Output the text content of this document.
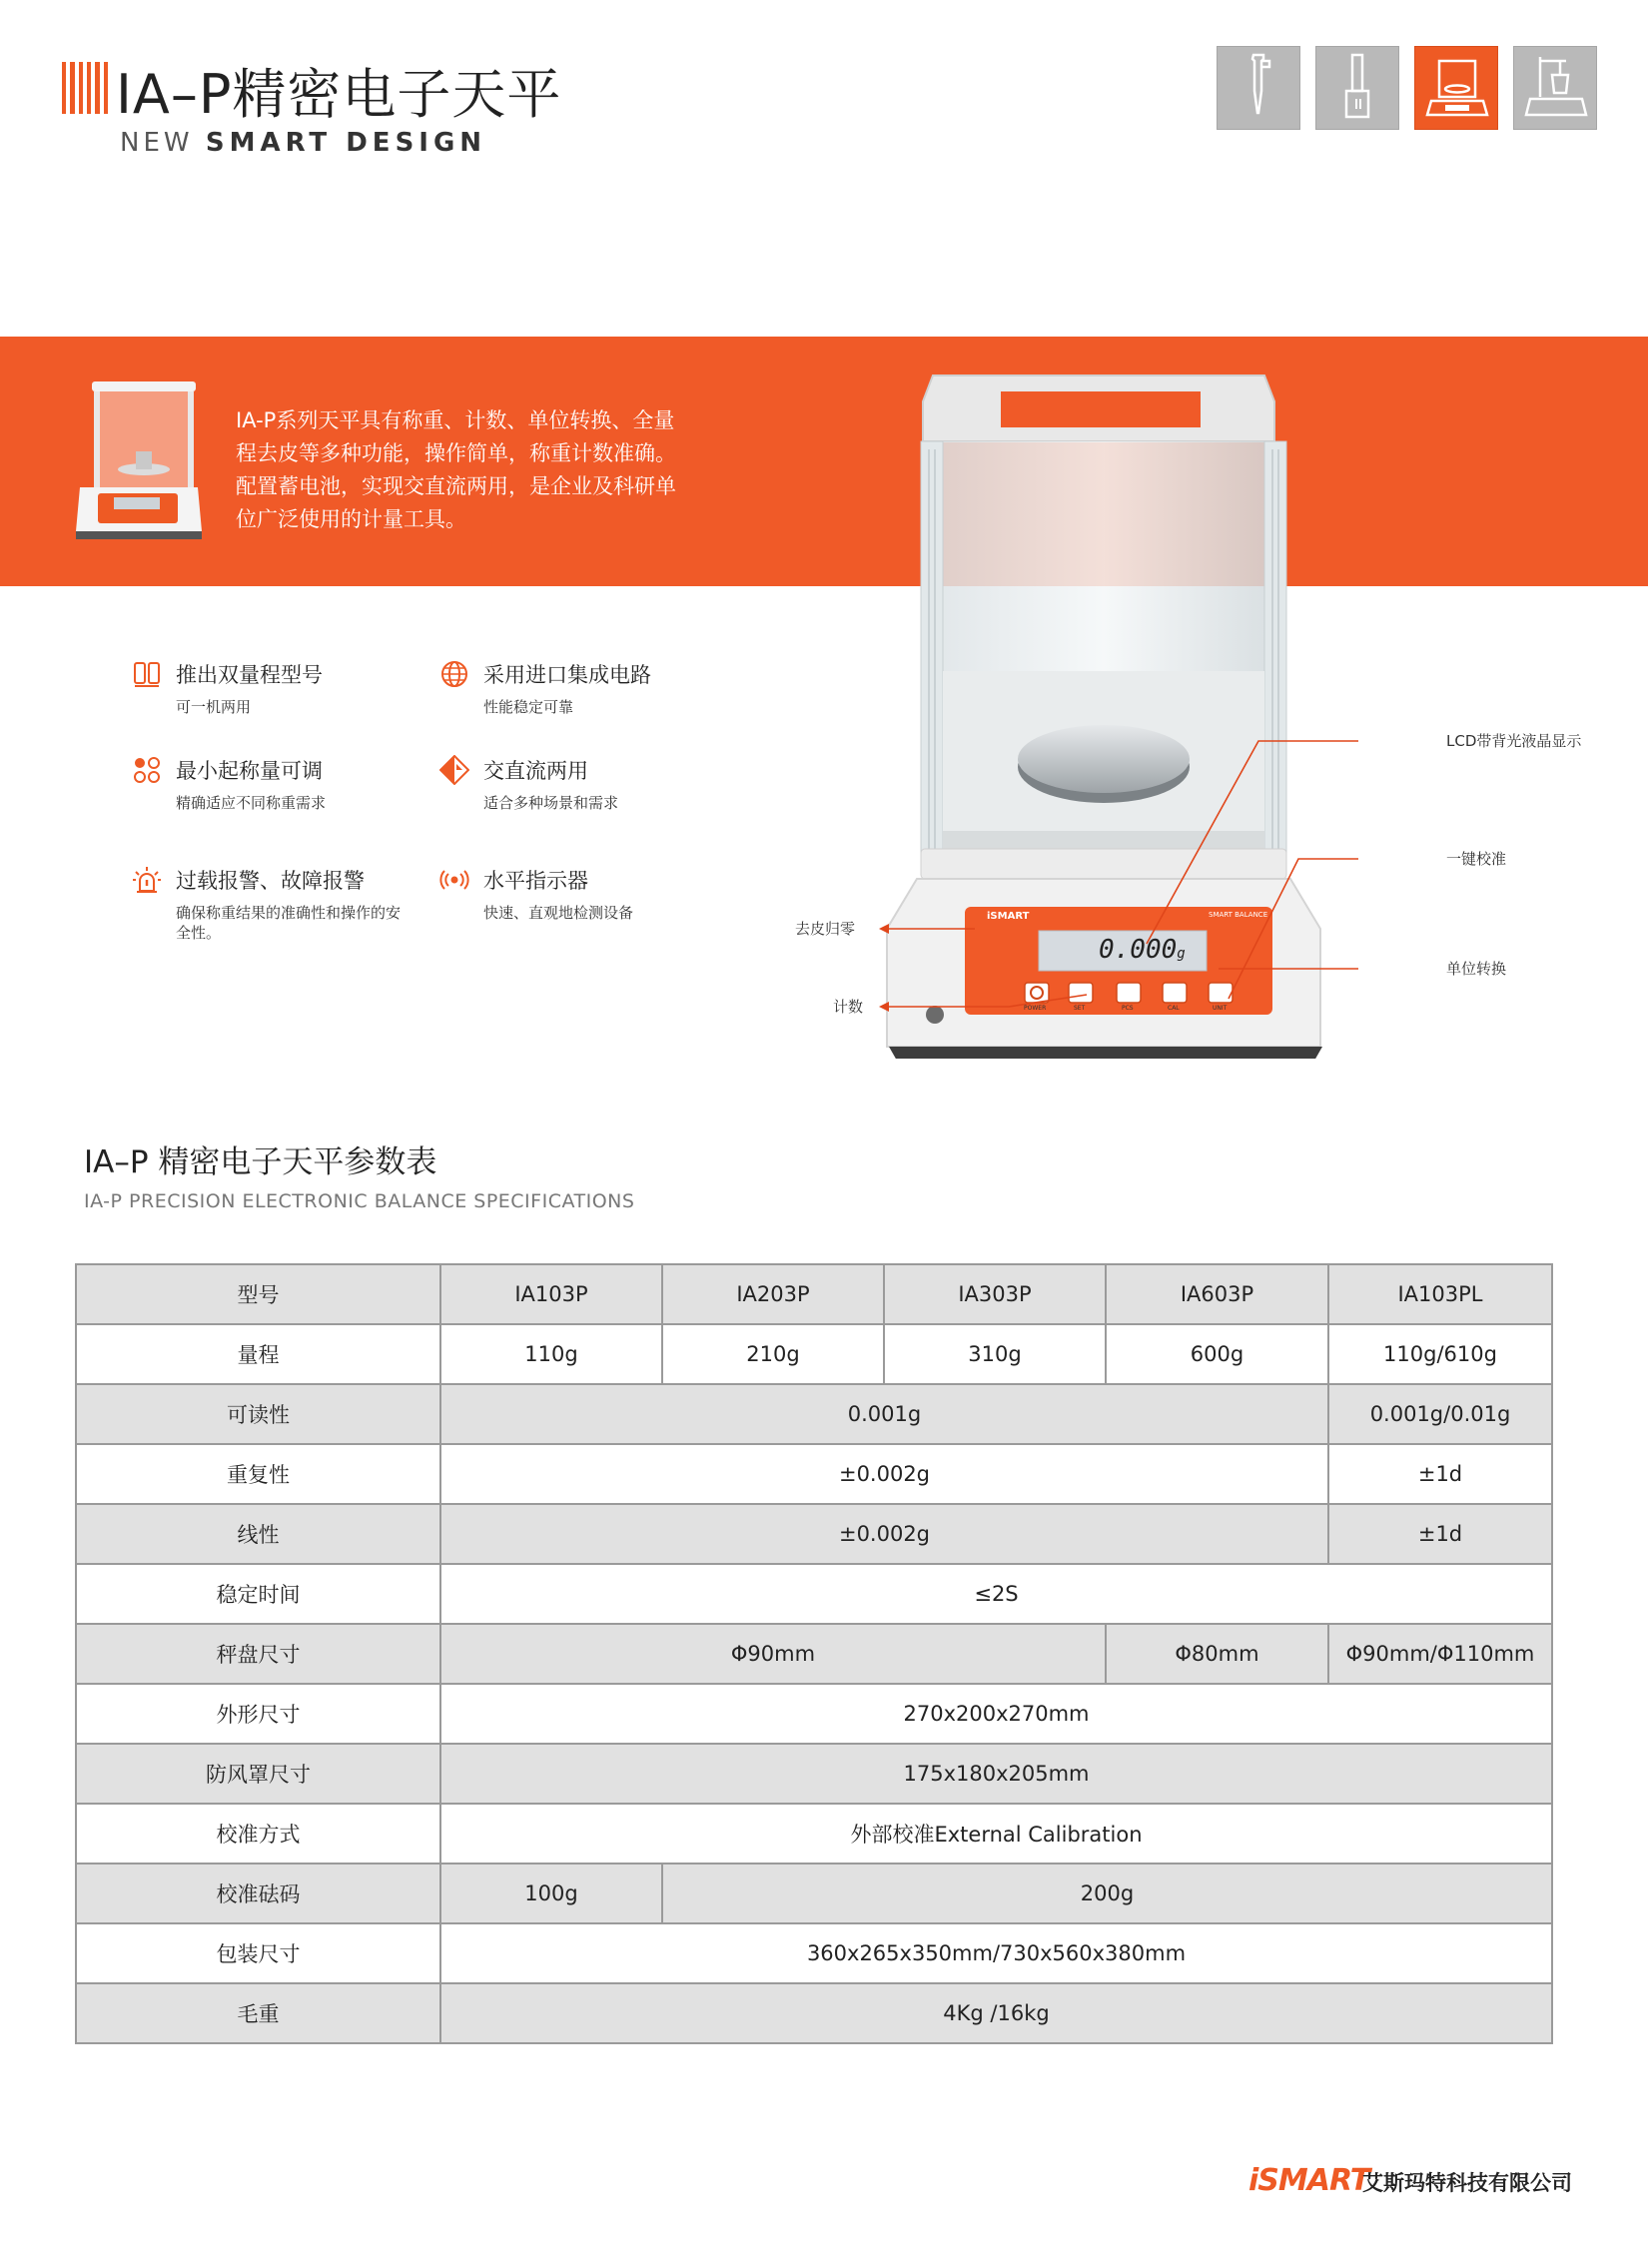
IA–P精密电子天平
NEW SMART DESIGN
IA-P系列天平具有称重、计数、单位转换、全量程去皮等多种功能，操作简单，称重计数准确。配置蓄电池，实现交直流两用，是企业及科研单位广泛使用的计量工具。
推出双量程型号
可一机两用
采用进口集成电路
性能稳定可靠
最小起称量可调
精确适应不同称重需求
交直流两用
适合多种场景和需求
过载报警、故障报警
确保称重结果的准确性和操作的安全性。
水平指示器
快速、直观地检测设备
0.000g
iSMART	SMART BALANCE
POWER	SET	PCS	CAL	UNIT
LCD带背光液晶显示
一键校准
单位转换
去皮归零
计数
IA–P 精密电子天平参数表
IA-P PRECISION ELECTRONIC BALANCE SPECIFICATIONS
型号	IA103P	IA203P	IA303P	IA603P	IA103PL
量程	110g	210g	310g	600g	110g/610g
可读性	0.001g				0.001g/0.01g
重复性	±0.002g				±1d
线性	±0.002g				±1d
稳定时间	≤2S				
秤盘尺寸	Φ90mm			Φ80mm	Φ90mm/Φ110mm
外形尺寸	270x200x270mm				
防风罩尺寸	175x180x205mm				
校准方式	外部校准External Calibration				
校准砝码	100g	200g			
包装尺寸	360x265x350mm/730x560x380mm				
毛重	4Kg /16kg				
iSMART
艾斯玛特科技有限公司
